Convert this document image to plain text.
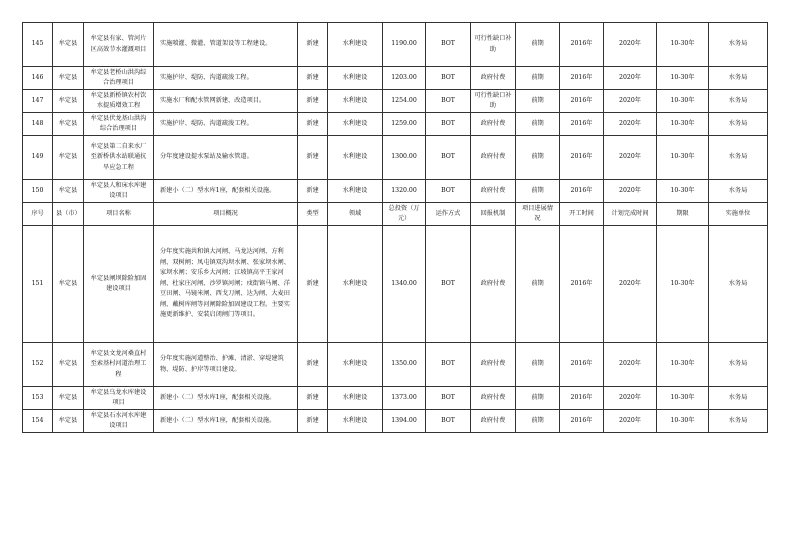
145	牟定县	牟定县有家、管河片区高效节水灌溉项目	实施喷灌、微灌、管道架设等工程建设。	新建	水利建设	1190.00	BOT	可行性缺口补助	前期	2016年	2020年	10-30年	水务局
146	牟定县	牟定县老桥山洪沟综合治理项目	实施护岸、堤防、沟道疏浚工程。	新建	水利建设	1203.00	BOT	政府付费	前期	2016年	2020年	10-30年	水务局
147	牟定县	牟定县新桥镇农村饮水提质增效工程	实施水厂和配水管网新建、改造项目。	新建	水利建设	1254.00	BOT	可行性缺口补助	前期	2016年	2020年	10-30年	水务局
148	牟定县	牟定县伏龙基山洪沟综合治理项目	实施护岸、堤防、沟道疏浚工程。	新建	水利建设	1259.00	BOT	政府付费	前期	2016年	2020年	10-30年	水务局
149	牟定县	牟定县第二自来水厂至新桥供水站联通抗旱应急工程	分年度建设提水泵站及输水管道。	新建	水利建设	1300.00	BOT	政府付费	前期	2016年	2020年	10-30年	水务局
150	牟定县	牟定县人和床水库建设项目	新建小（二）型水库1座，配套相关设施。	新建	水利建设	1320.00	BOT	政府付费	前期	2016年	2020年	10-30年	水务局
序号	县（市）	项目名称	项目概况	类型	领域	总投资（万元）	运作方式	回报机制	项目进展情况	开工时间	计划完成时间	期限	实施单位
151	牟定县	牟定县闸坝除险加固建设项目	分年度实施共和镇大河闸、马龙达河闸、方利闸、双树闸；凤屯镇双沟坝水闸、张家坝水闸、家坝水闸；安乐乡大河闸；江坡镇高平王家河闸、杜家庄河闸、沙罗镇河闸；戍街镇马闸、洋豆田闸、马镜米闸、西戈刀闸、达为闸、大麦田闸、戴树库闸等河闸除险加固建设工程。主要实施更新维护、安装启闭闸门等项目。	新建	水利建设	1340.00	BOT	政府付费	前期	2016年	2020年	10-30年	水务局
152	牟定县	牟定县文龙河桑直村至索基村河道治理工程	分年度实施河道整治、护滩、清淤、穿堤建筑物、堤防、护岸等项目建设。	新建	水利建设	1350.00	BOT	政府付费	前期	2016年	2020年	10-30年	水务局
153	牟定县	牟定县乌龙水库建设项目	新建小（二）型水库1座，配套相关设施。	新建	水利建设	1373.00	BOT	政府付费	前期	2016年	2020年	10-30年	水务局
154	牟定县	牟定县石水河水库建设项目	新建小（二）型水库1座，配套相关设施。	新建	水利建设	1394.00	BOT	政府付费	前期	2016年	2020年	10-30年	水务局
